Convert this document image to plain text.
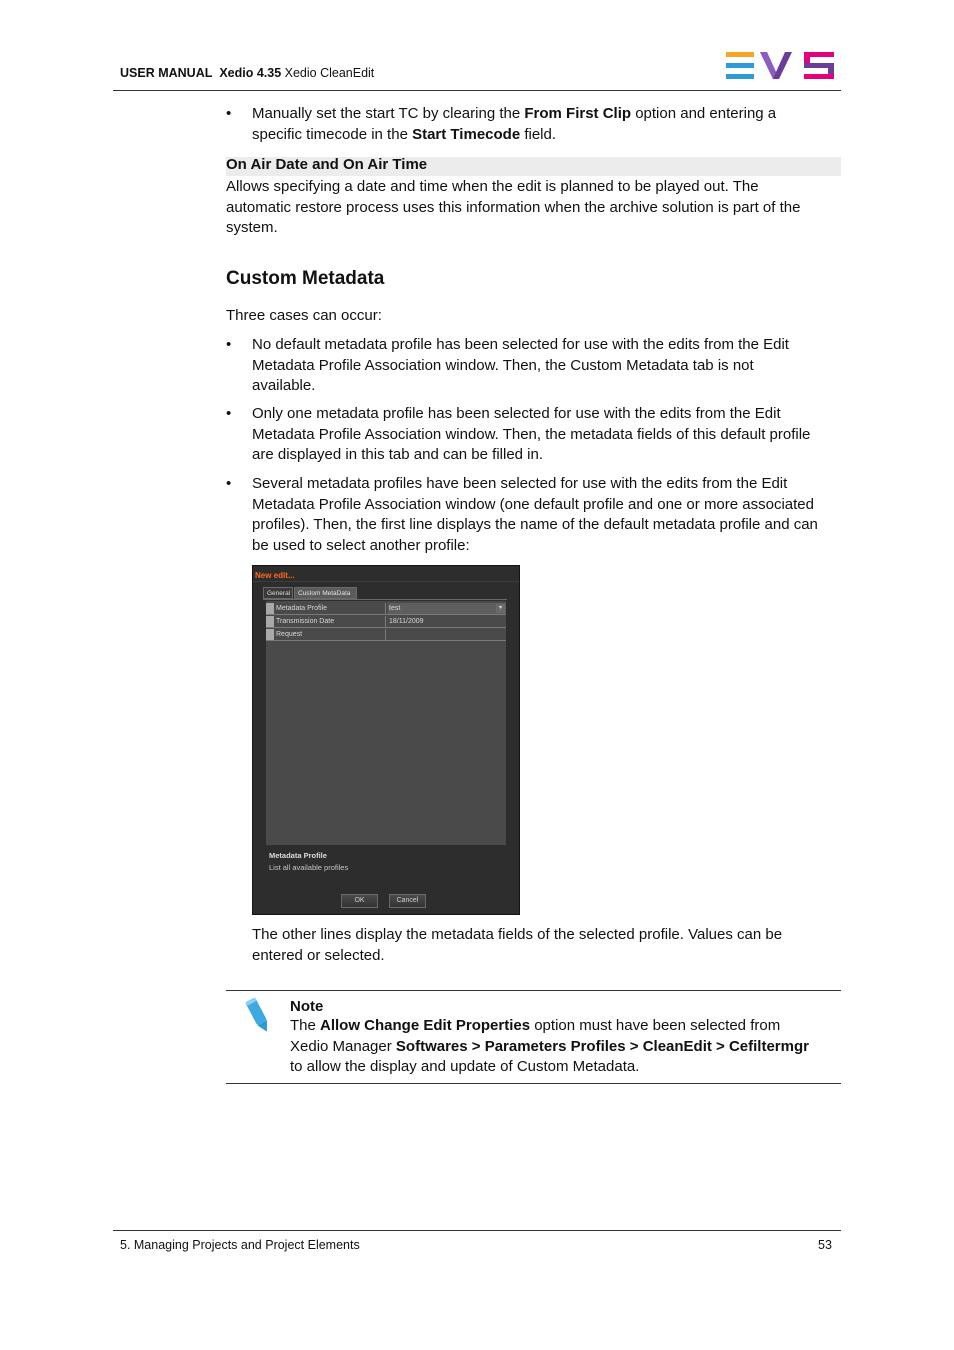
USER MANUAL Xedio 4.35 Xedio CleanEdit
• Manually set the start TC by clearing the From First Clip option and entering a
specific timecode in the Start Timecode field.
On Air Date and On Air Time
Allows specifying a date and time when the edit is planned to be played out. The
automatic restore process uses this information when the archive solution is part of the
system.
Custom Metadata
Three cases can occur:
• No default metadata profile has been selected for use with the edits from the Edit
Metadata Profile Association window. Then, the Custom Metadata tab is not
available.
• Only one metadata profile has been selected for use with the edits from the Edit
Metadata Profile Association window. Then, the metadata fields of this default profile
are displayed in this tab and can be filled in.
• Several metadata profiles have been selected for use with the edits from the Edit
Metadata Profile Association window (one default profile and one or more associated
profiles). Then, the first line displays the name of the default metadata profile and can
be used to select another profile:
New edit...
General	Custom MetaData
Metadata Profile	test	▾
Transmission Date	18/11/2009
Request
Metadata Profile
List all available profiles
OK	Cancel
The other lines display the metadata fields of the selected profile. Values can be
entered or selected.
Note
The Allow Change Edit Properties option must have been selected from
Xedio Manager Softwares > Parameters Profiles > CleanEdit > Cefiltermgr
to allow the display and update of Custom Metadata.
5. Managing Projects and Project Elements	53
